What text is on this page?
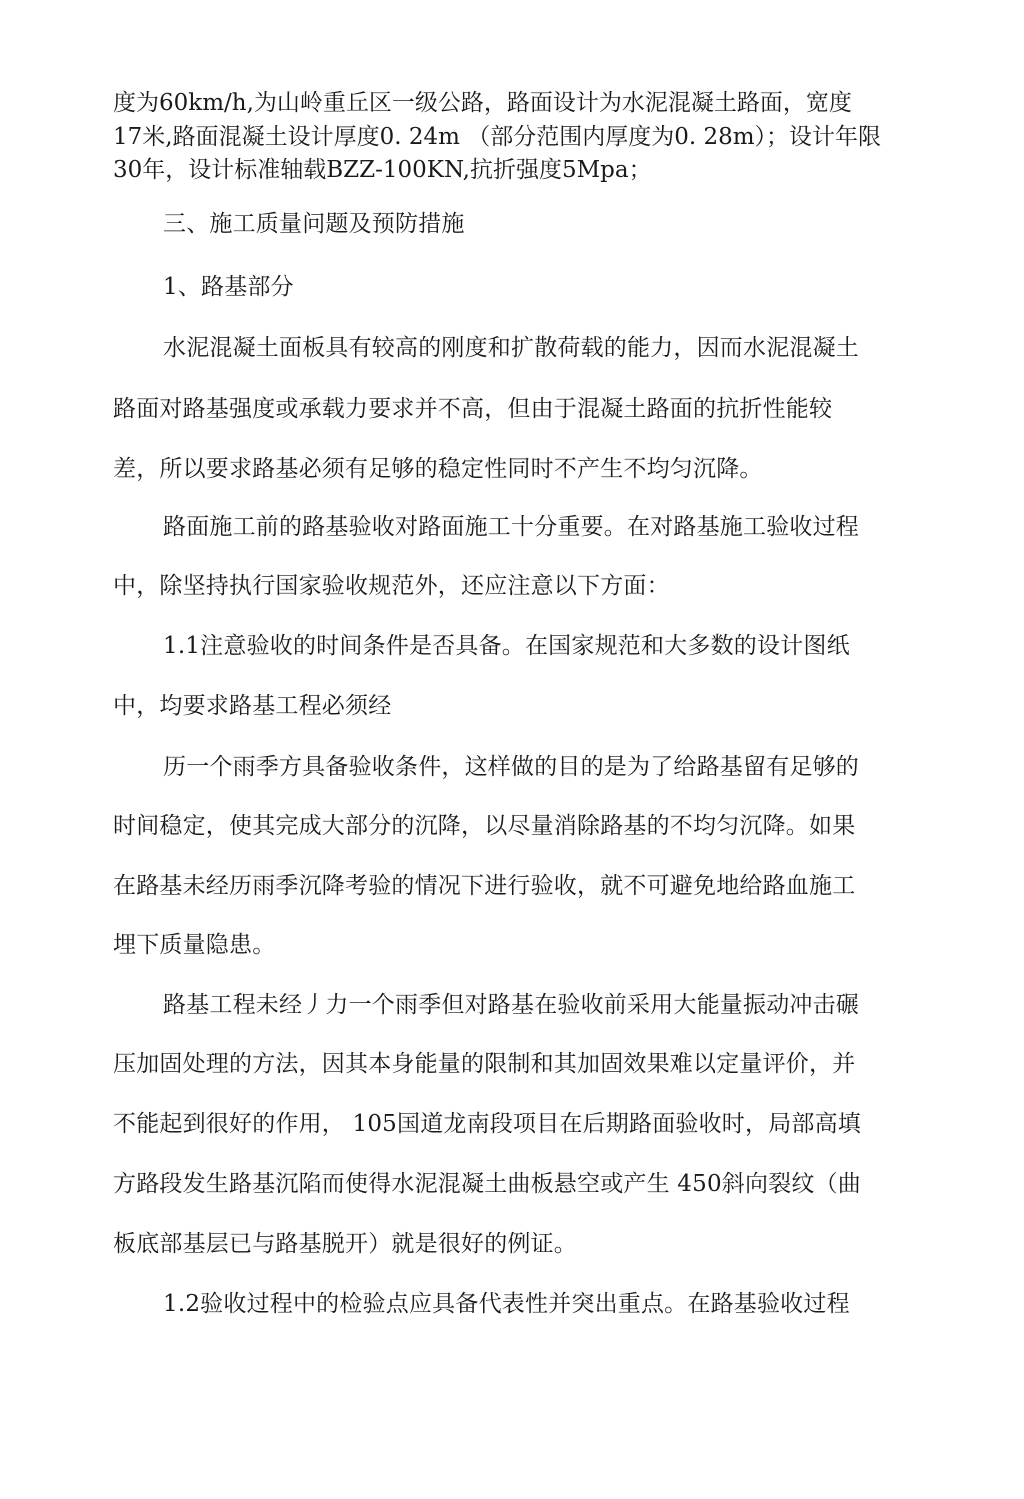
度为60km/h,为山岭重丘区一级公路，路面设计为水泥混凝土路面，宽度
17米,路面混凝土设计厚度0. 24m （部分范围内厚度为0. 28m）；设计年限
30年，设计标准轴载BZZ-100KN,抗折强度5Mpa；
三、施工质量问题及预防措施
1、路基部分
水泥混凝土面板具有较高的刚度和扩散荷载的能力，因而水泥混凝土
路面对路基强度或承载力要求并不高，但由于混凝土路面的抗折性能较
差，所以要求路基必须有足够的稳定性同时不产生不均匀沉降。
路面施工前的路基验收对路面施工十分重要。在对路基施工验收过程
中，除坚持执行国家验收规范外，还应注意以下方面：
1.1注意验收的时间条件是否具备。在国家规范和大多数的设计图纸
中，均要求路基工程必须经
历一个雨季方具备验收条件，这样做的目的是为了给路基留有足够的
时间稳定，使其完成大部分的沉降，以尽量消除路基的不均匀沉降。如果
在路基未经历雨季沉降考验的情况下进行验收，就不可避免地给路血施工
埋下质量隐患。
路基工程未经丿力一个雨季但对路基在验收前采用大能量振动冲击碾
压加固处理的方法，因其本身能量的限制和其加固效果难以定量评价，并
不能起到很好的作用， 105国道龙南段项目在后期路面验收时，局部高填
方路段发生路基沉陷而使得水泥混凝土曲板悬空或产生 450斜向裂纹（曲
板底部基层已与路基脱开）就是很好的例证。
1.2验收过程中的检验点应具备代表性并突出重点。在路基验收过程
